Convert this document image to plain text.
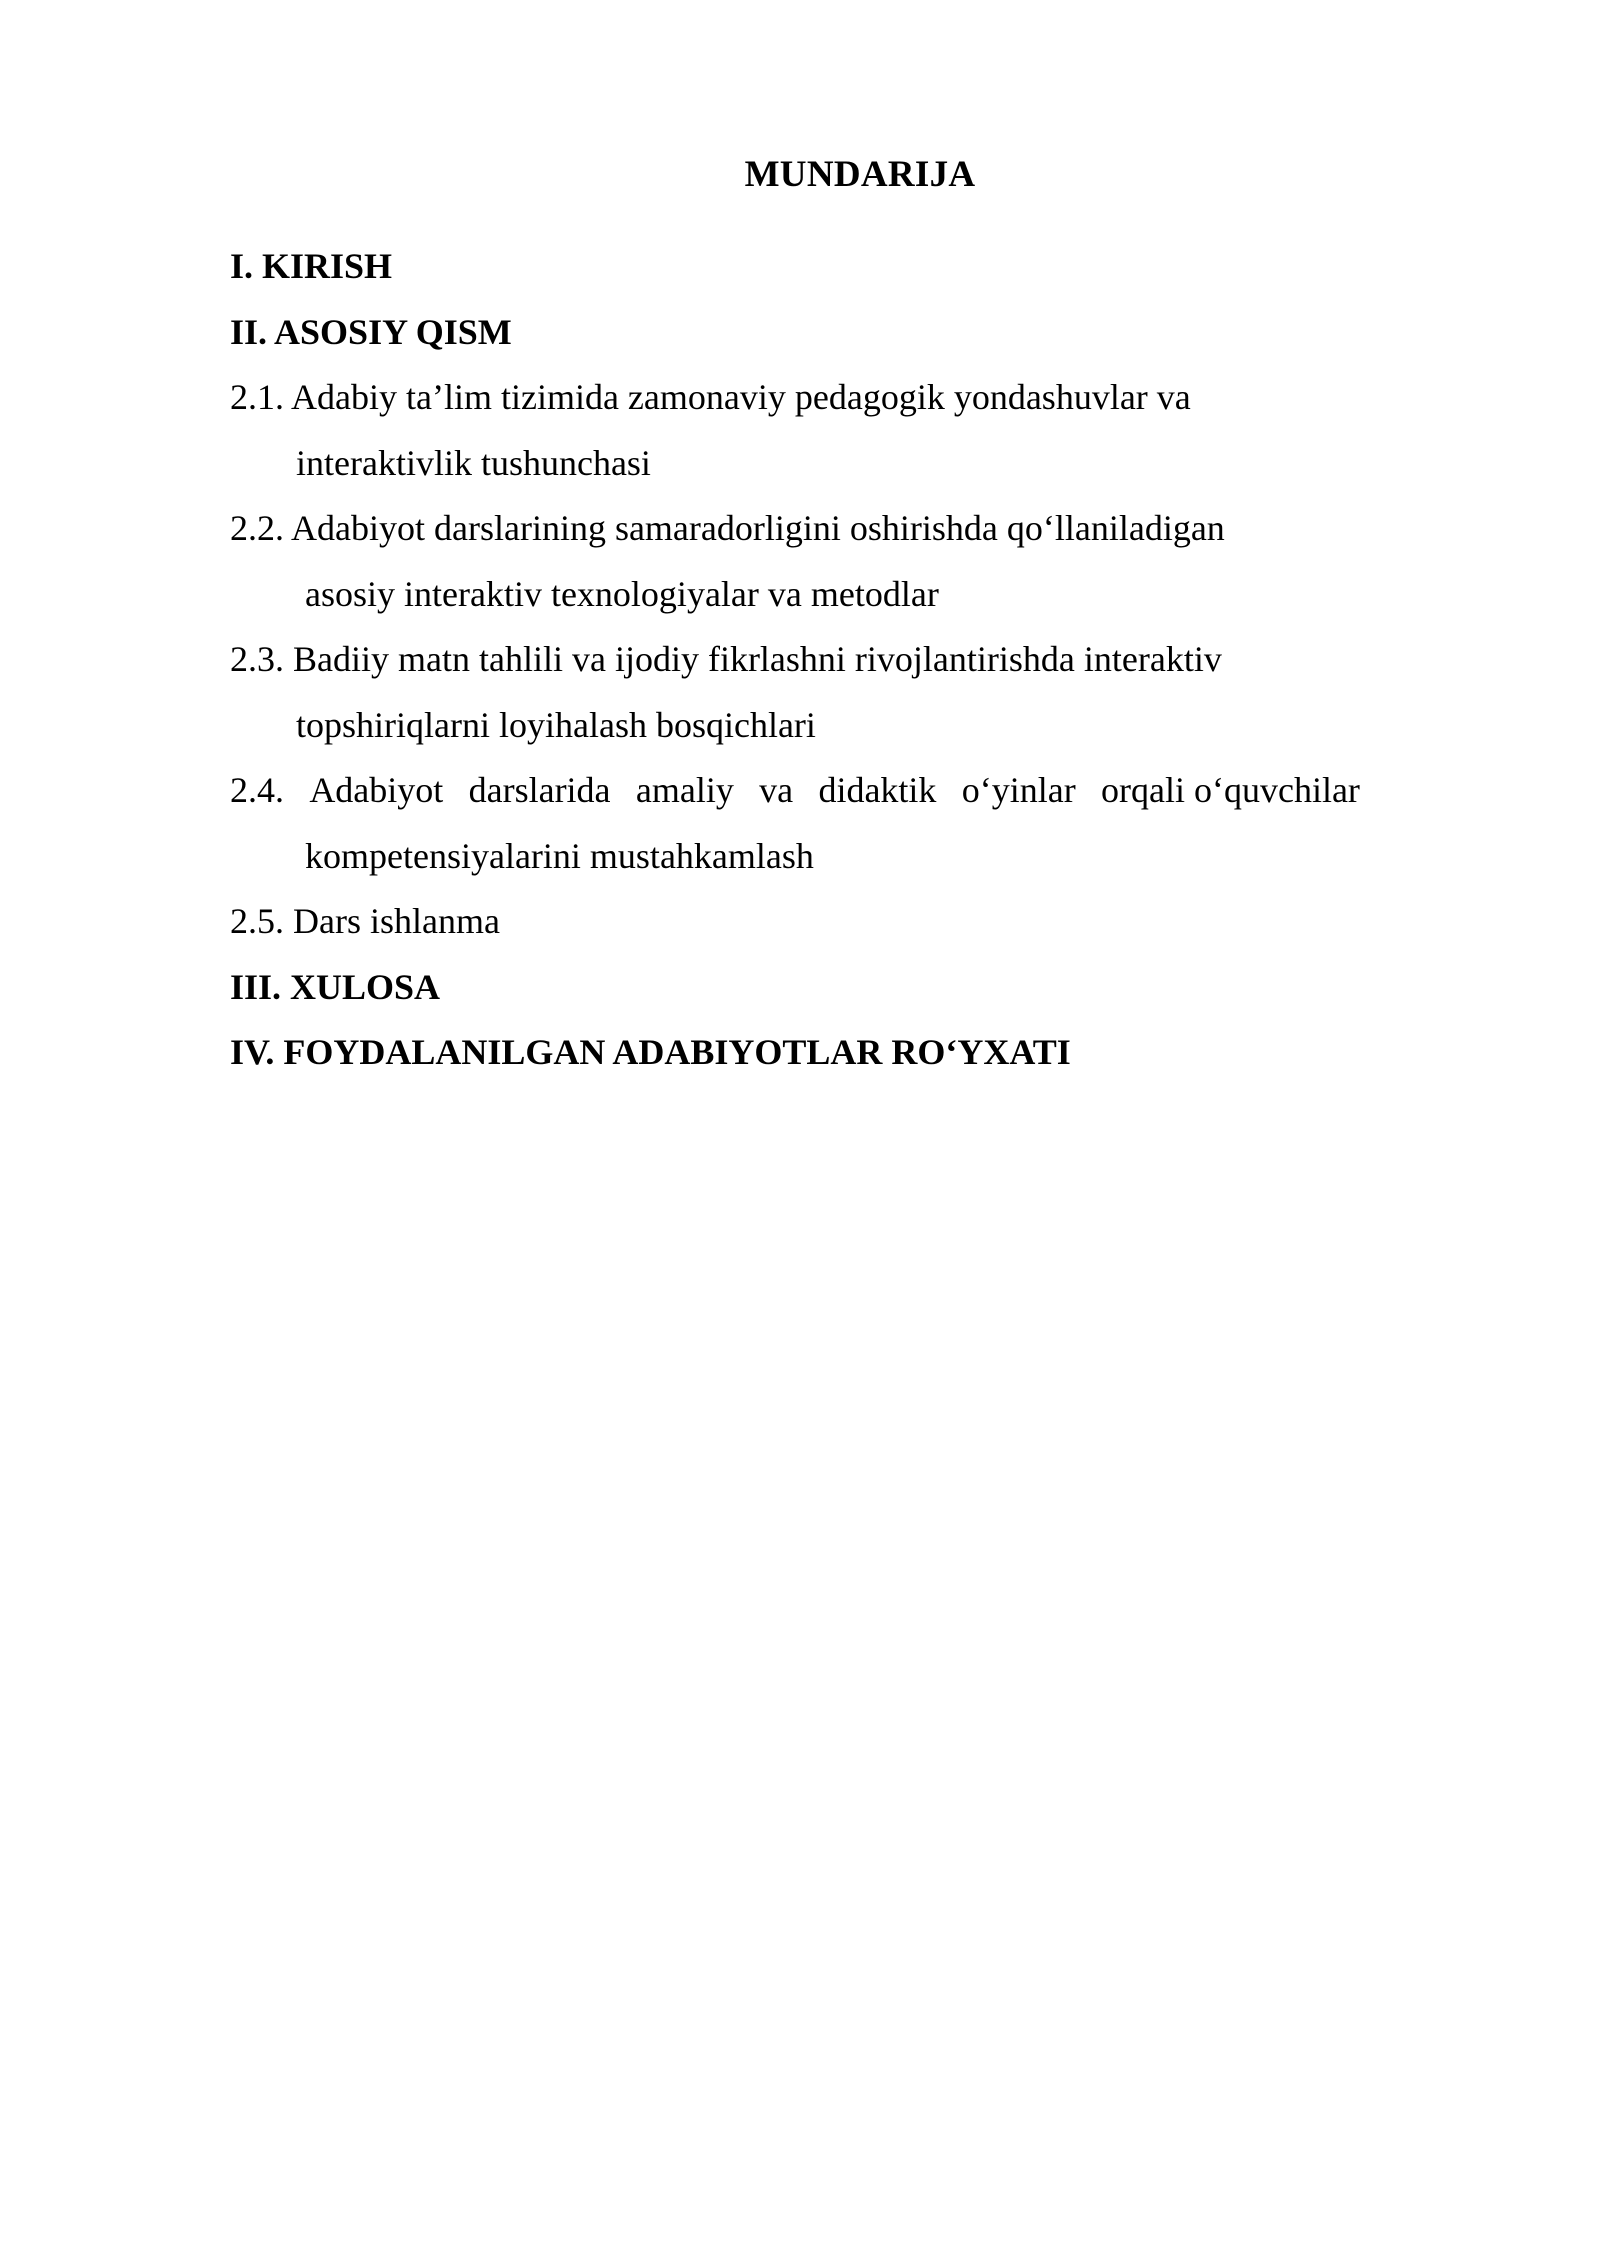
MUNDARIJA
I. KIRISH
II. ASOSIY QISM
2.1. Adabiy ta’lim tizimida zamonaviy pedagogik yondashuvlar va
interaktivlik tushunchasi
2.2. Adabiyot darslarining samaradorligini oshirishda qo‘llaniladigan
asosiy interaktiv texnologiyalar va metodlar
2.3. Badiiy matn tahlili va ijodiy fikrlashni rivojlantirishda interaktiv
topshiriqlarni loyihalash bosqichlari
2.4. Adabiyot darslarida amaliy va didaktik o‘yinlar orqali o‘quvchilar
kompetensiyalarini mustahkamlash
2.5. Dars ishlanma
III. XULOSA
IV. FOYDALANILGAN ADABIYOTLAR RO‘YXATI
